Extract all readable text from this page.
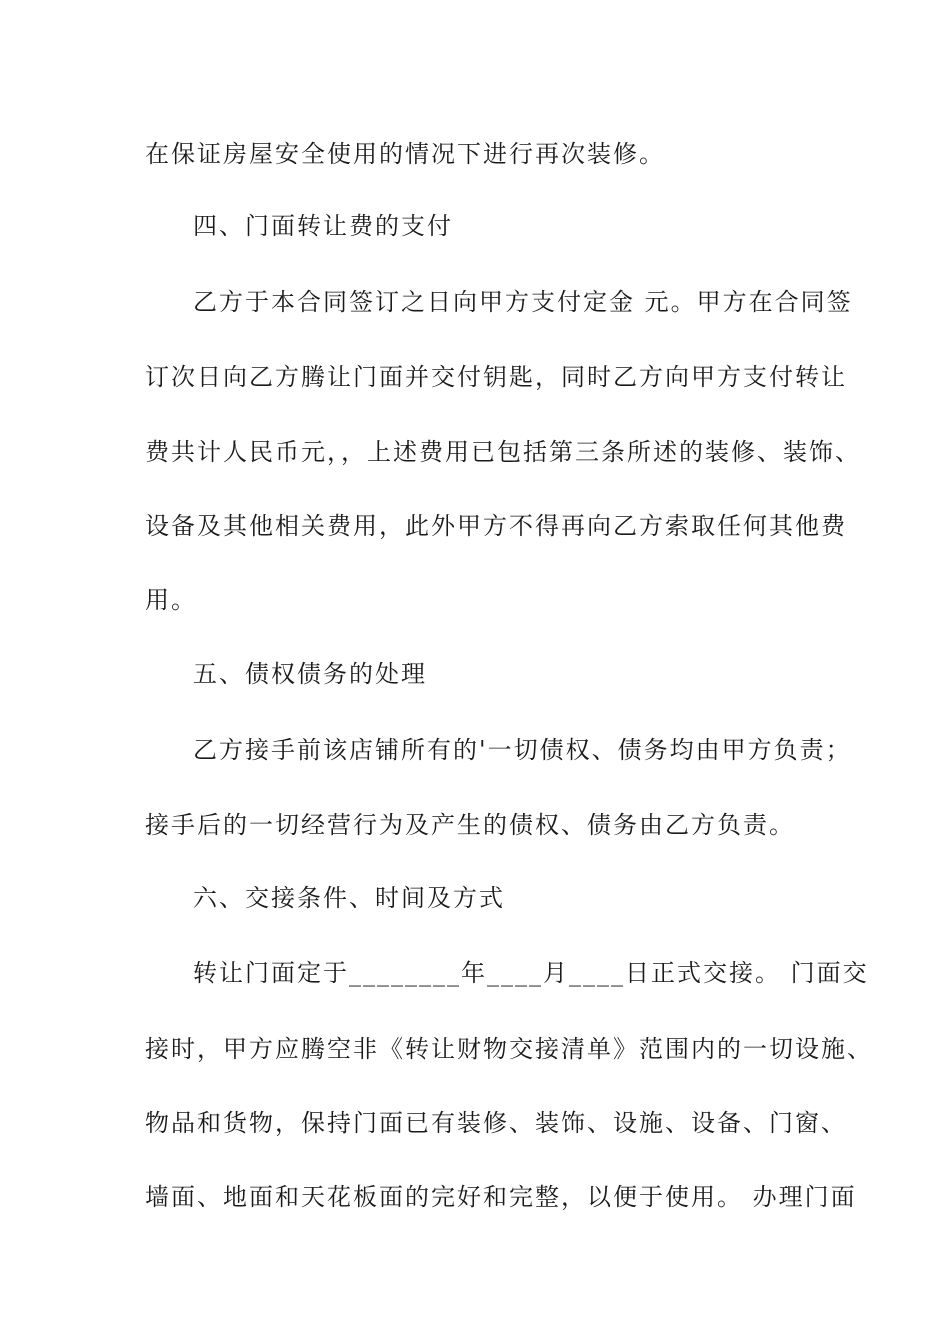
在保证房屋安全使用的情况下进行再次装修。
四、门面转让费的支付
乙方于本合同签订之日向甲方支付定金 元。甲方在合同签
订次日向乙方腾让门面并交付钥匙，同时乙方向甲方支付转让
费共计人民币元，，上述费用已包括第三条所述的装修、装饰、
设备及其他相关费用，此外甲方不得再向乙方索取任何其他费
用。
五、债权债务的处理
乙方接手前该店铺所有的'一切债权、债务均由甲方负责；
接手后的一切经营行为及产生的债权、债务由乙方负责。
六、交接条件、时间及方式
转让门面定于________年____月____日正式交接。 门面交
接时，甲方应腾空非《转让财物交接清单》范围内的一切设施、
物品和货物，保持门面已有装修、装饰、设施、设备、门窗、
墙面、地面和天花板面的完好和完整，以便于使用。 办理门面
